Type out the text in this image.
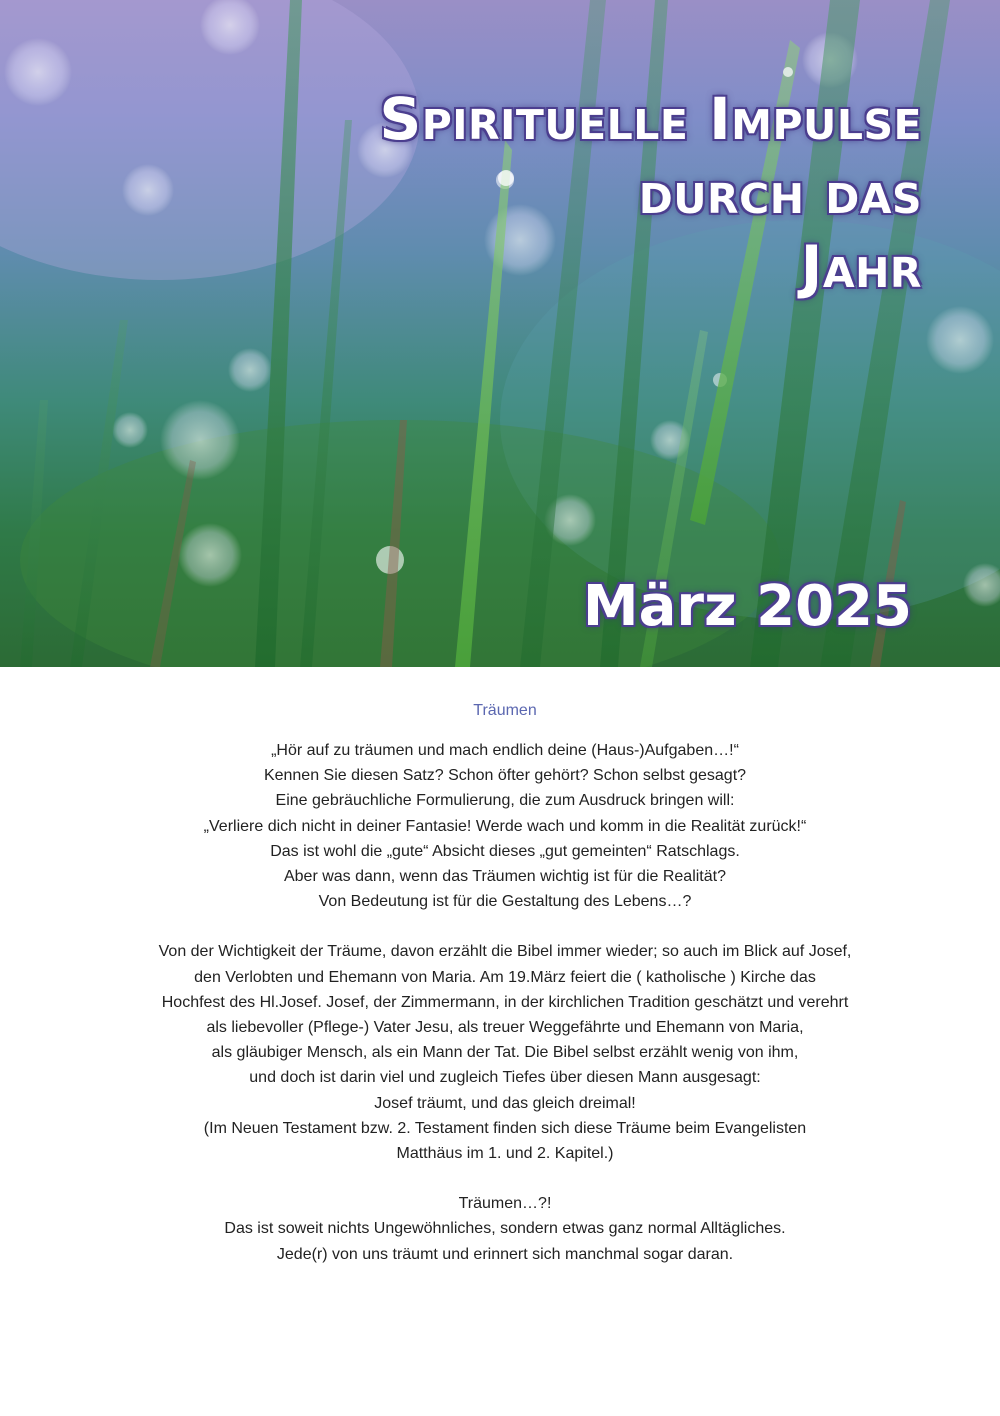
Spirituelle Impulse
durch das
Jahr

März 2025

Träumen

„Hör auf zu träumen und mach endlich deine (Haus-)Aufgaben…!“
Kennen Sie diesen Satz? Schon öfter gehört? Schon selbst gesagt?
Eine gebräuchliche Formulierung, die zum Ausdruck bringen will:
„Verliere dich nicht in deiner Fantasie! Werde wach und komm in die Realität zurück!“
Das ist wohl die „gute“ Absicht dieses „gut gemeinten“ Ratschlags.
Aber was dann, wenn das Träumen wichtig ist für die Realität?
Von Bedeutung ist für die Gestaltung des Lebens…?

Von der Wichtigkeit der Träume, davon erzählt die Bibel immer wieder; so auch im Blick auf Josef,
den Verlobten und Ehemann von Maria. Am 19.März feiert die ( katholische ) Kirche das
Hochfest des Hl.Josef. Josef, der Zimmermann, in der kirchlichen Tradition geschätzt und verehrt
als liebevoller (Pflege-) Vater Jesu, als treuer Weggefährte und Ehemann von Maria,
als gläubiger Mensch, als ein Mann der Tat. Die Bibel selbst erzählt wenig von ihm,
und doch ist darin viel und zugleich Tiefes über diesen Mann ausgesagt:
Josef träumt, und das gleich dreimal!
(Im Neuen Testament bzw. 2. Testament finden sich diese Träume beim Evangelisten
Matthäus im 1. und 2. Kapitel.)

Träumen…?!
Das ist soweit nichts Ungewöhnliches, sondern etwas ganz normal Alltägliches.
Jede(r) von uns träumt und erinnert sich manchmal sogar daran.
